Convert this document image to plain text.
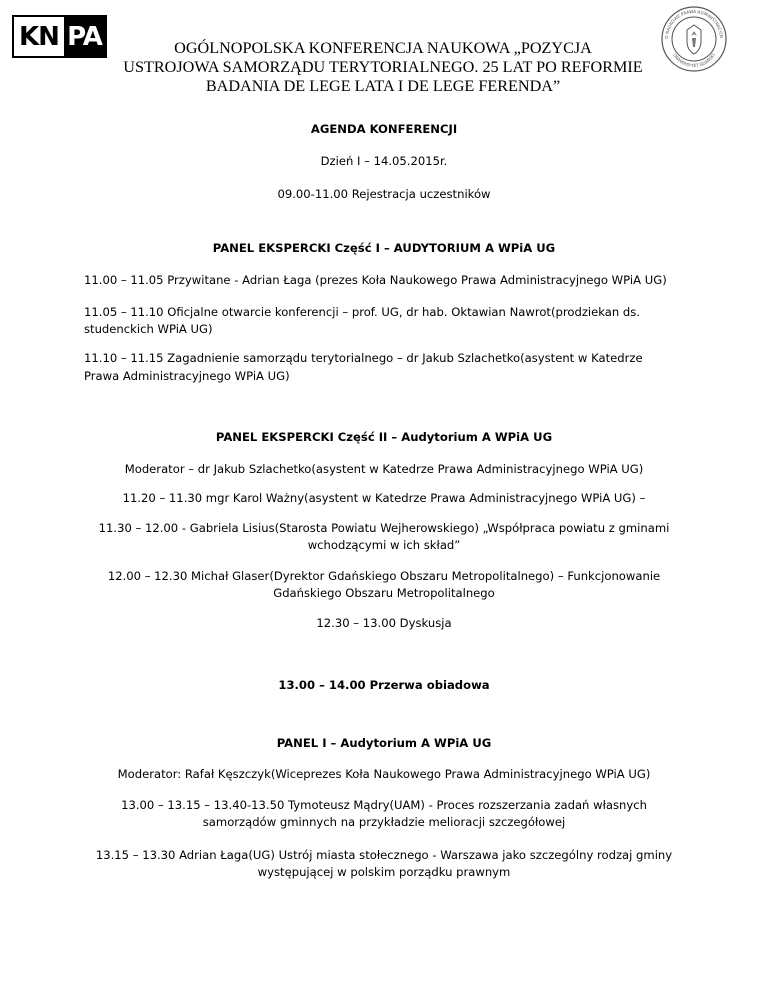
KN PA	O NAUKOWE PRAWA ADMINISTRACYJN
UNIWERSYTET GDAŃSKI
OGÓLNOPOLSKA KONFERENCJA NAUKOWA „POZYCJA
USTROJOWA SAMORZĄDU TERYTORIALNEGO. 25 LAT PO REFORMIE
BADANIA DE LEGE LATA I DE LEGE FERENDA”
AGENDA KONFERENCJI
Dzień I – 14.05.2015r.
09.00-11.00 Rejestracja uczestników
PANEL EKSPERCKI Część I – AUDYTORIUM A WPiA UG
11.00 – 11.05 Przywitane - Adrian Łaga (prezes Koła Naukowego Prawa Administracyjnego WPiA UG)
11.05 – 11.10 Oficjalne otwarcie konferencji – prof. UG, dr hab. Oktawian Nawrot(prodziekan ds.
studenckich WPiA UG)
11.10 – 11.15 Zagadnienie samorządu terytorialnego – dr Jakub Szlachetko(asystent w Katedrze
Prawa Administracyjnego WPiA UG)
PANEL EKSPERCKI Część II – Audytorium A WPiA UG
Moderator – dr Jakub Szlachetko(asystent w Katedrze Prawa Administracyjnego WPiA UG)
11.20 – 11.30 mgr Karol Ważny(asystent w Katedrze Prawa Administracyjnego WPiA UG) –
11.30 – 12.00 - Gabriela Lisius(Starosta Powiatu Wejherowskiego) „Współpraca powiatu z gminami
wchodzącymi w ich skład”
12.00 – 12.30 Michał Glaser(Dyrektor Gdańskiego Obszaru Metropolitalnego) – Funkcjonowanie
Gdańskiego Obszaru Metropolitalnego
12.30 – 13.00 Dyskusja
13.00 – 14.00 Przerwa obiadowa
PANEL I – Audytorium A WPiA UG
Moderator: Rafał Kęszczyk(Wiceprezes Koła Naukowego Prawa Administracyjnego WPiA UG)
13.00 – 13.15 – 13.40-13.50 Tymoteusz Mądry(UAM) - Proces rozszerzania zadań własnych
samorządów gminnych na przykładzie melioracji szczegółowej
13.15 – 13.30 Adrian Łaga(UG) Ustrój miasta stołecznego - Warszawa jako szczególny rodzaj gminy
występującej w polskim porządku prawnym
